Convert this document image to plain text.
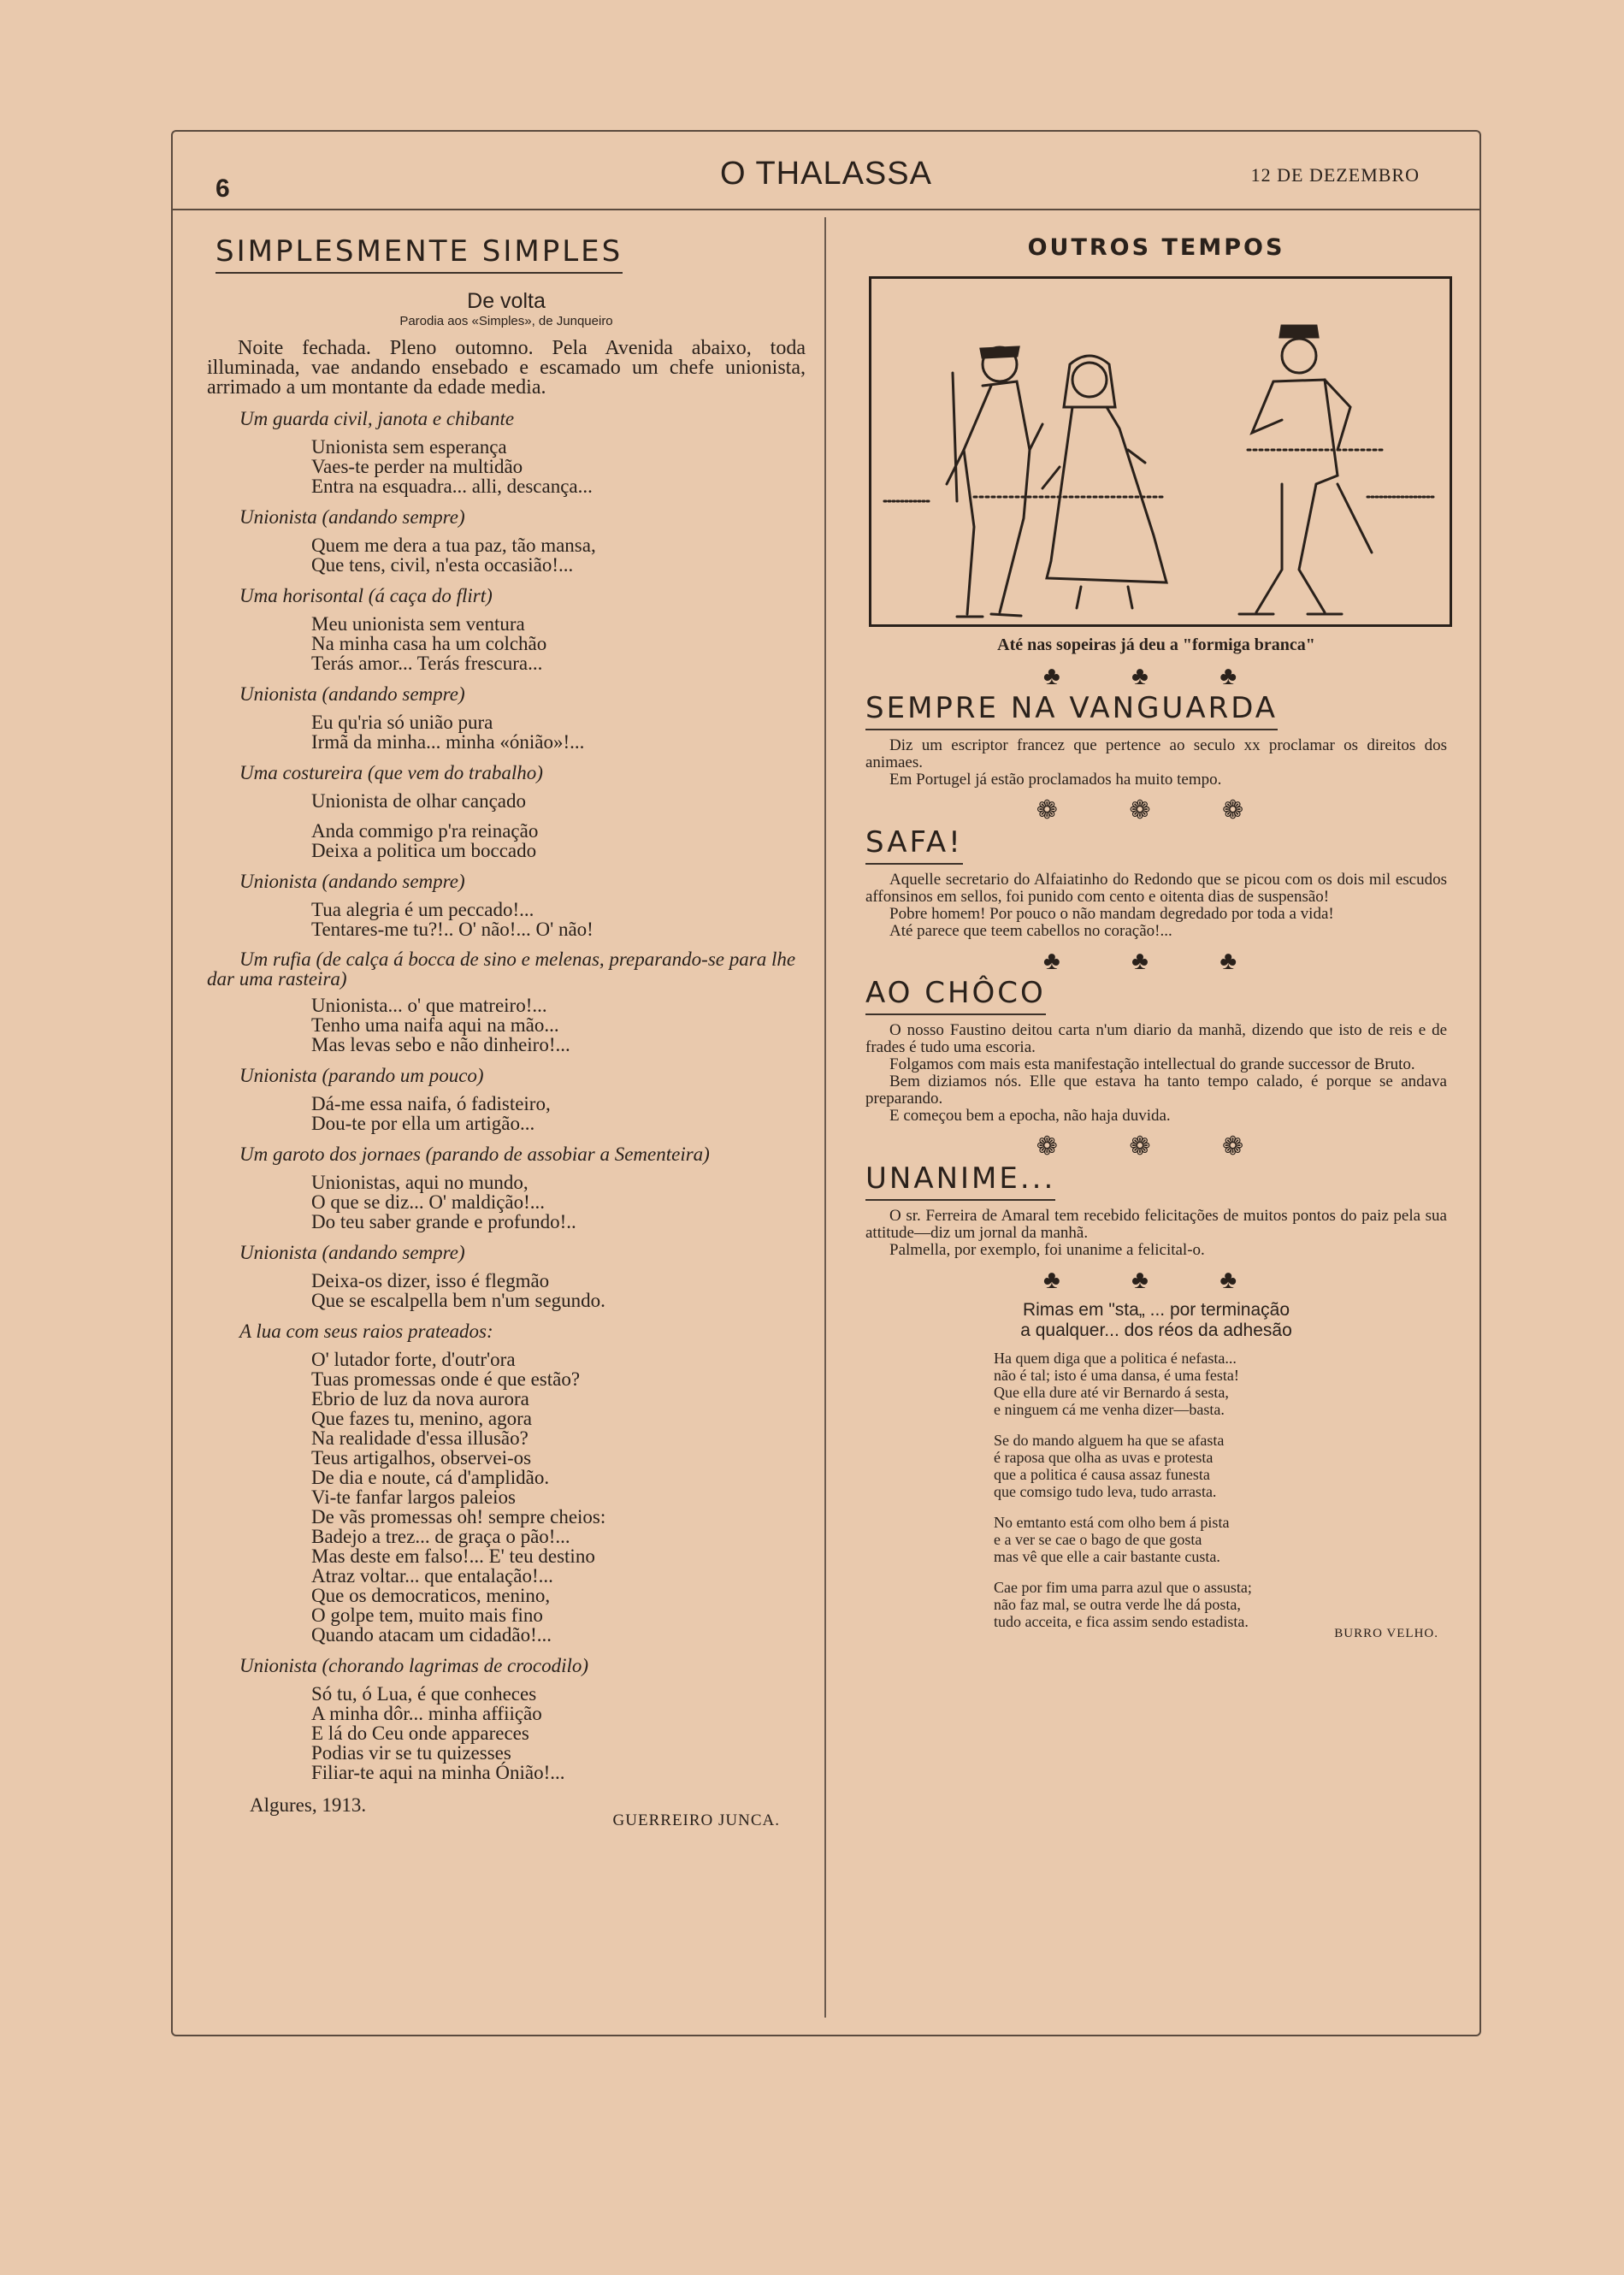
6	O THALASSA	12 DE DEZEMBRO
SIMPLESMENTE SIMPLES
De volta
Parodia aos «Simples», de Junqueiro

Noite fechada. Pleno outomno. Pela Avenida abaixo, toda illuminada, vae andando ensebado e escamado um chefe unionista, arrimado a um montante da edade media.

Um guarda civil, janota e chibante
Unionista sem esperança
Vaes-te perder na multidão
Entra na esquadra... alli, descança...
Unionista (andando sempre)
Quem me dera a tua paz, tão mansa,
Que tens, civil, n'esta occasião!...
Uma horisontal (á caça do flirt)
Meu unionista sem ventura
Na minha casa ha um colchão
Terás amor... Terás frescura...
Unionista (andando sempre)
Eu qu'ria só união pura
Irmã da minha... minha «ónião»!...
Uma costureira (que vem do trabalho)
Unionista de olhar cançado
Anda commigo p'ra reinação
Deixa a politica um boccado
Unionista (andando sempre)
Tua alegria é um peccado!...
Tentares-me tu?!.. O' não!... O' não!
Um rufia (de calça á bocca de sino e melenas, preparando-se para lhe dar uma rasteira)
Unionista... o' que matreiro!...
Tenho uma naifa aqui na mão...
Mas levas sebo e não dinheiro!...
Unionista (parando um pouco)
Dá-me essa naifa, ó fadisteiro,
Dou-te por ella um artigão...
Um garoto dos jornaes (parando de assobiar a Sementeira)
Unionistas, aqui no mundo,
O que se diz... O' maldição!...
Do teu saber grande e profundo!..
Unionista (andando sempre)
Deixa-os dizer, isso é flegmão
Que se escalpella bem n'um segundo.
A lua com seus raios prateados:
O' lutador forte, d'outr'ora
Tuas promessas onde é que estão?
Ebrio de luz da nova aurora
Que fazes tu, menino, agora
Na realidade d'essa illusão?
Teus artigalhos, observei-os
De dia e noute, cá d'amplidão.
Vi-te fanfar largos paleios
De vãs promessas oh! sempre cheios:
Badejo a trez... de graça o pão!...
Mas deste em falso!... E' teu destino
Atraz voltar... que entalação!...
Que os democraticos, menino,
O golpe tem, muito mais fino
Quando atacam um cidadão!...
Unionista (chorando lagrimas de crocodilo)
Só tu, ó Lua, é que conheces
A minha dôr... minha affiição
E lá do Ceu onde appareces
Podias vir se tu quizesses
Filiar-te aqui na minha Ónião!...
Algures, 1913.
GUERREIRO JUNCA.
OUTROS TEMPOS
Até nas sopeiras já deu a "formiga branca"
♣ ♣ ♣
SEMPRE NA VANGUARDA

Diz um escriptor francez que pertence ao seculo xx proclamar os direitos dos animaes.

Em Portugel já estão proclamados ha muito tempo.

❁ ❁ ❁
SAFA!

Aquelle secretario do Alfaiatinho do Redondo que se picou com os dois mil escudos affonsinos em sellos, foi punido com cento e oitenta dias de suspensão!

Pobre homem! Por pouco o não mandam degredado por toda a vida!

Até parece que teem cabellos no coração!...

♣ ♣ ♣
AO CHÔCO

O nosso Faustino deitou carta n'um diario da manhã, dizendo que isto de reis e de frades é tudo uma escoria.

Folgamos com mais esta manifestação intellectual do grande successor de Bruto.

Bem diziamos nós. Elle que estava ha tanto tempo calado, é porque se andava preparando.

E começou bem a epocha, não haja duvida.

❁ ❁ ❁
UNANIME...

O sr. Ferreira de Amaral tem recebido felicitações de muitos pontos do paiz pela sua attitude—diz um jornal da manhã.

Palmella, por exemplo, foi unanime a felicital-o.

♣ ♣ ♣
Rimas em "sta„ ... por terminação
a qualquer... dos réos da adhesão
Ha quem diga que a politica é nefasta...
não é tal; isto é uma dansa, é uma festa!
Que ella dure até vir Bernardo á sesta,
e ninguem cá me venha dizer—basta.
Se do mando alguem ha que se afasta
é raposa que olha as uvas e protesta
que a politica é causa assaz funesta
que comsigo tudo leva, tudo arrasta.
No emtanto está com olho bem á pista
e a ver se cae o bago de que gosta
mas vê que elle a cair bastante custa.
Cae por fim uma parra azul que o assusta;
não faz mal, se outra verde lhe dá posta,
tudo acceita, e fica assim sendo estadista.
BURRO VELHO.
